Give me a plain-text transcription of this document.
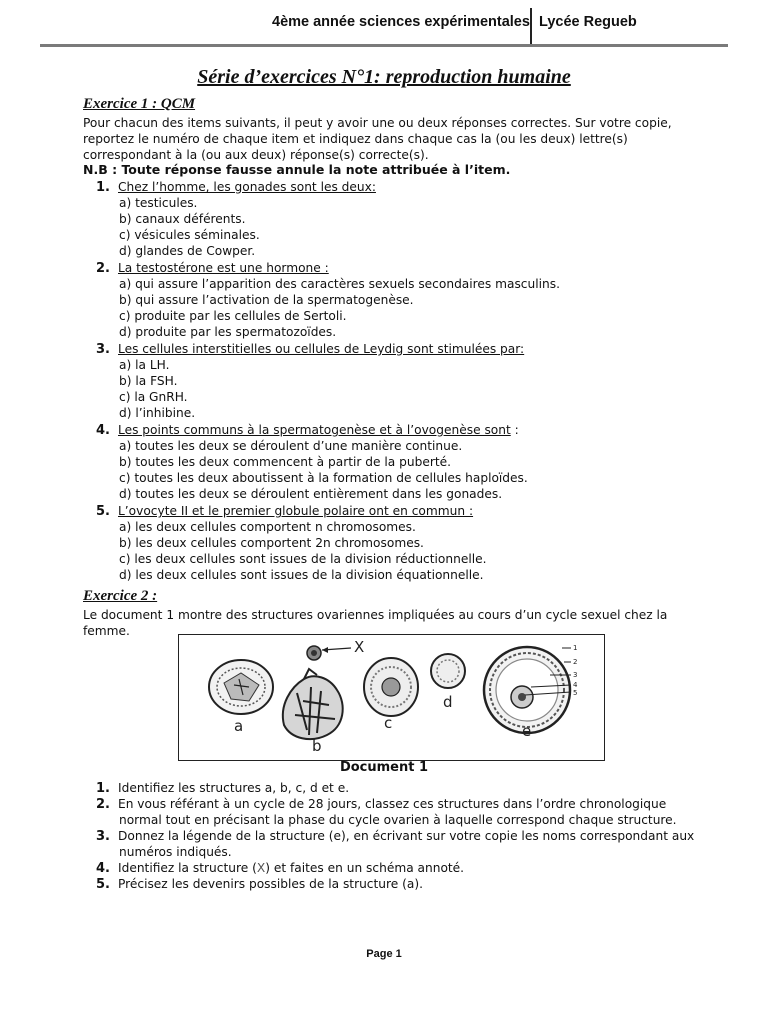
4ème année sciences expérimentales Lycée Regueb
Série d’exercices N°1: reproduction humaine
Exercice 1 : QCM
Pour chacun des items suivants, il peut y avoir une ou deux réponses correctes. Sur votre copie, reportez le numéro de chaque item et indiquez dans chaque cas la (ou les deux) lettre(s) correspondant à la (ou aux deux) réponse(s) correcte(s).
N.B : Toute réponse fausse annule la note attribuée à l’item.
1. Chez l’homme, les gonades sont les deux:
a) testicules.
b) canaux déférents.
c) vésicules séminales.
d) glandes de Cowper.
2. La testostérone est une hormone :
a) qui assure l’apparition des caractères sexuels secondaires masculins.
b) qui assure l’activation de la spermatogenèse.
c) produite par les cellules de Sertoli.
d) produite par les spermatozoïdes.
3. Les cellules interstitielles ou cellules de Leydig sont stimulées par:
a) la LH.
b) la FSH.
c) la GnRH.
d) l’inhibine.
4. Les points communs à la spermatogenèse et à l’ovogenèse sont :
a) toutes les deux se déroulent d’une manière continue.
b) toutes les deux commencent à partir de la puberté.
c) toutes les deux aboutissent à la formation de cellules haploïdes.
d) toutes les deux se déroulent entièrement dans les gonades.
5. L’ovocyte II et le premier globule polaire ont en commun :
a) les deux cellules comportent n chromosomes.
b) les deux cellules comportent 2n chromosomes.
c) les deux cellules sont issues de la division réductionnelle.
d) les deux cellules sont issues de la division équationnelle.
Exercice 2 :
Le document 1 montre des structures ovariennes impliquées au cours d’un cycle sexuel chez la femme.
a
b
c
d
e
X	1
2
3
4
5
Document 1
1. Identifiez les structures a, b, c, d et e.
2. En vous référant à un cycle de 28 jours, classez ces structures dans l’ordre chronologique
normal tout en précisant la phase du cycle ovarien à laquelle correspond chaque structure.
3. Donnez la légende de la structure (e), en écrivant sur votre copie les noms correspondant aux
numéros indiqués.
4. Identifiez la structure (X) et faites en un schéma annoté.
5. Précisez les devenirs possibles de la structure (a).
Page 1
